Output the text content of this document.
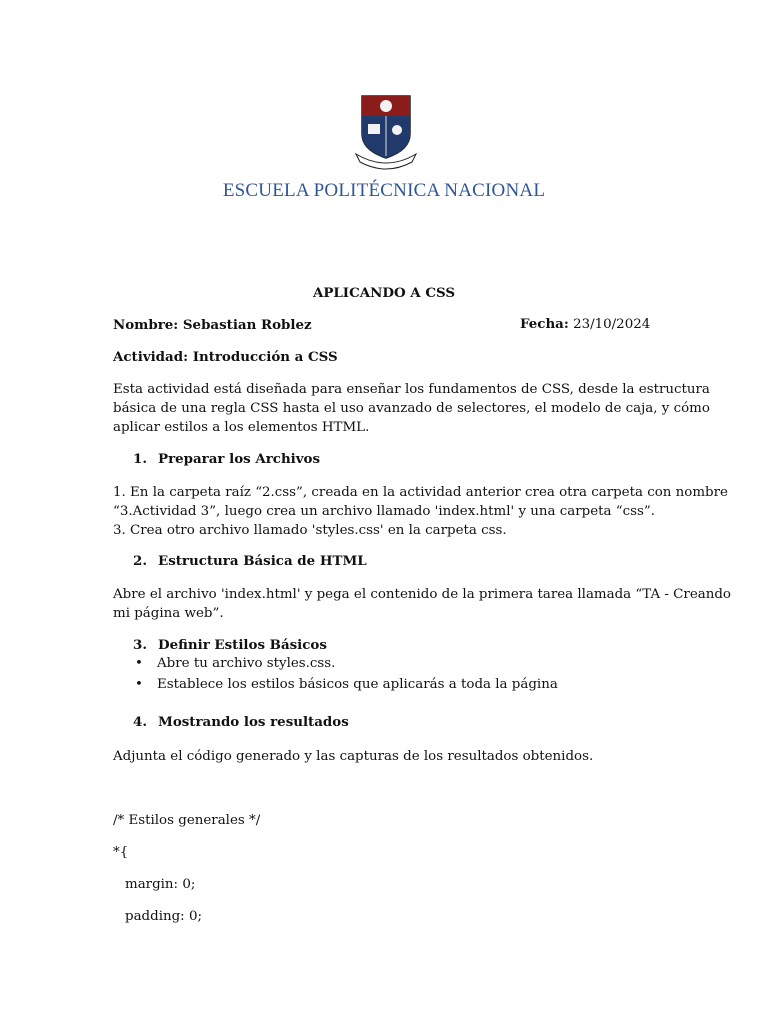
ESCUELA POLITÉCNICA NACIONAL
APLICANDO A CSS
Nombre: Sebastian Roblez	Fecha: 23/10/2024
Actividad: Introducción a CSS
Esta actividad está diseñada para enseñar los fundamentos de CSS, desde la estructura
básica de una regla CSS hasta el uso avanzado de selectores, el modelo de caja, y cómo
aplicar estilos a los elementos HTML.
1. Preparar los Archivos
1. En la carpeta raíz “2.css”, creada en la actividad anterior crea otra carpeta con nombre
“3.Actividad 3”, luego crea un archivo llamado 'index.html' y una carpeta “css”.
3. Crea otro archivo llamado 'styles.css' en la carpeta css.
2. Estructura Básica de HTML
Abre el archivo 'index.html' y pega el contenido de la primera tarea llamada “TA - Creando
mi página web”.
3. Definir Estilos Básicos
• Abre tu archivo styles.css.
• Establece los estilos básicos que aplicarás a toda la página
4. Mostrando los resultados
Adjunta el código generado y las capturas de los resultados obtenidos.
/* Estilos generales */
*{
margin: 0;
padding: 0;
